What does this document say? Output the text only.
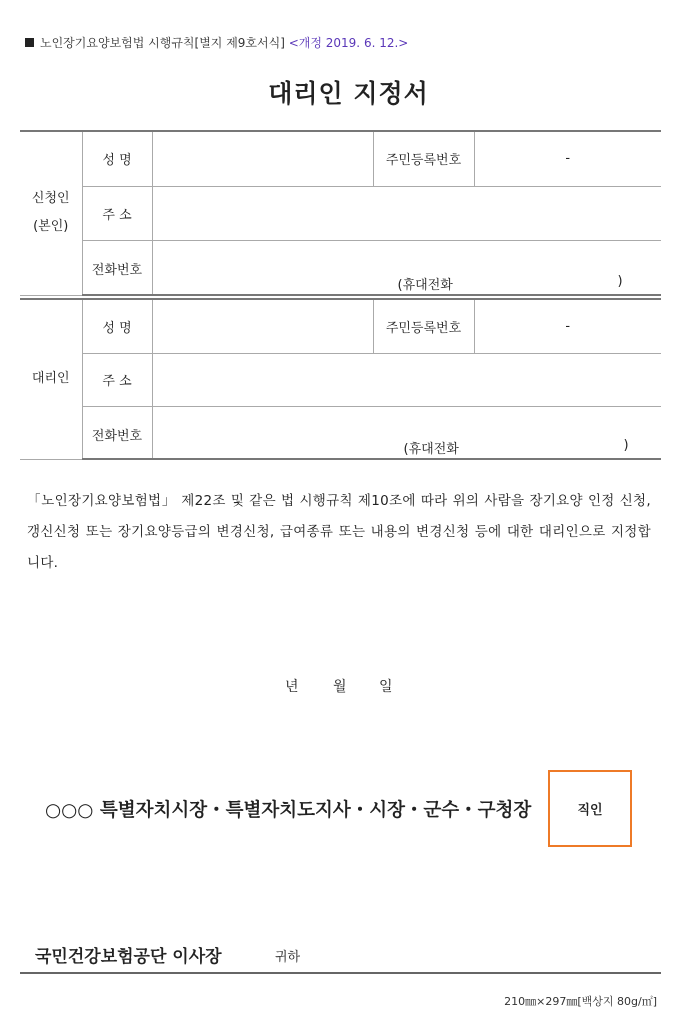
노인장기요양보험법 시행규칙[별지 제9호서식] <개정 2019. 6. 12.>
대리인 지정서
신청인
(본인)	성 명		주민등록번호	-
	주 소			
	전화번호	(휴대전화 )		
대리인	성 명		주민등록번호	-
	주 소			
	전화번호	(휴대전화 )		
「노인장기요양보험법」 제22조 및 같은 법 시행규칙 제10조에 따라 위의 사람을 장기요양 인정 신청, 갱신신청 또는 장기요양등급의 변경신청, 급여종류 또는 내용의 변경신청 등에 대한 대리인으로 지정합니다.
년 월 일
○○○ 특별자치시장・특별자치도지사・시장・군수・구청장	직인
국민건강보험공단 이사장	귀하
210㎜×297㎜[백상지 80g/㎡]
